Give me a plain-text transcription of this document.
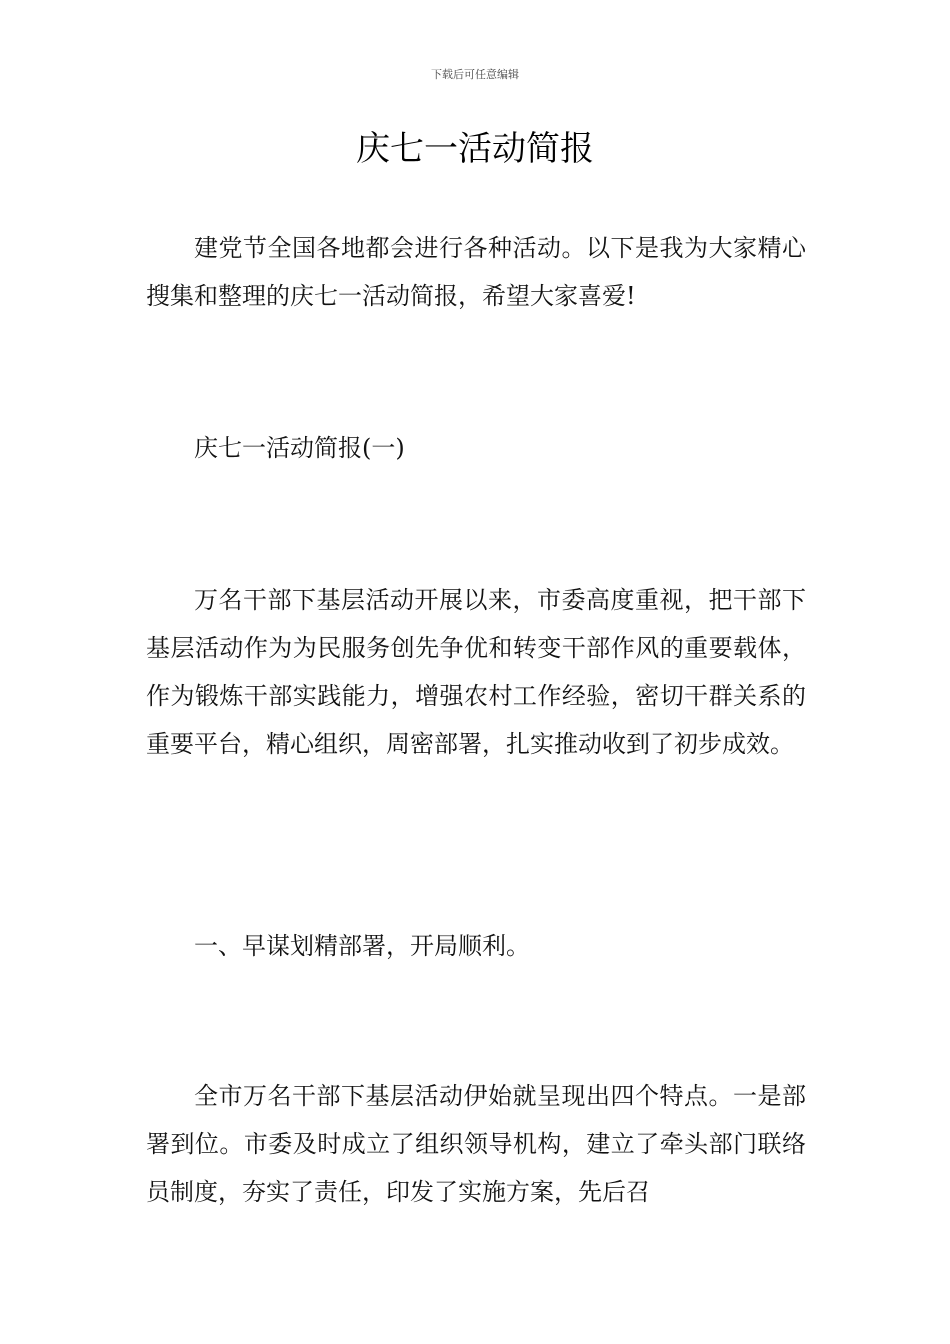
下载后可任意编辑
庆七一活动简报

建党节全国各地都会进行各种活动。以下是我为大家精心搜集和整理的庆七一活动简报，希望大家喜爱!

庆七一活动简报(一)

万名干部下基层活动开展以来，市委高度重视，把干部下基层活动作为为民服务创先争优和转变干部作风的重要载体，作为锻炼干部实践能力，增强农村工作经验，密切干群关系的重要平台，精心组织，周密部署，扎实推动收到了初步成效。

一、早谋划精部署，开局顺利。

全市万名干部下基层活动伊始就呈现出四个特点。一是部署到位。市委及时成立了组织领导机构，建立了牵头部门联络员制度，夯实了责任，印发了实施方案，先后召
